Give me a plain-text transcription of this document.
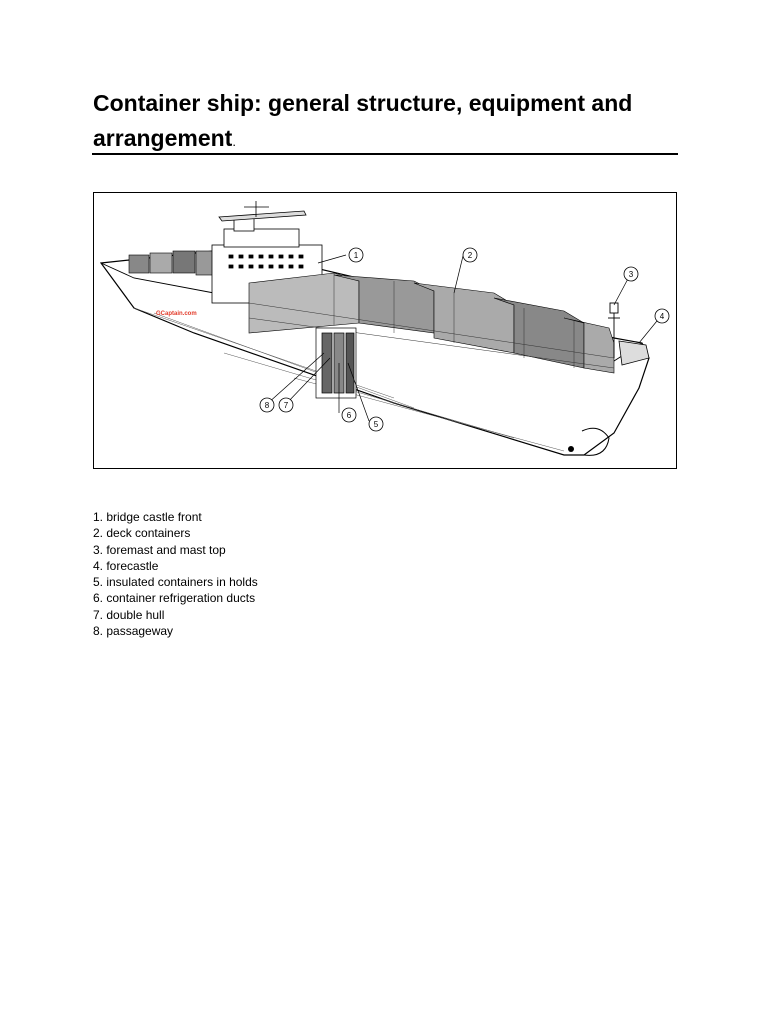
Container ship: general structure, equipment and arrangement.
GCaptain.com
1	2
3
4
5
6
7
8
1. bridge castle front
2. deck containers
3. foremast and mast top
4. forecastle
5. insulated containers in holds
6. container refrigeration ducts
7. double hull
8. passageway
